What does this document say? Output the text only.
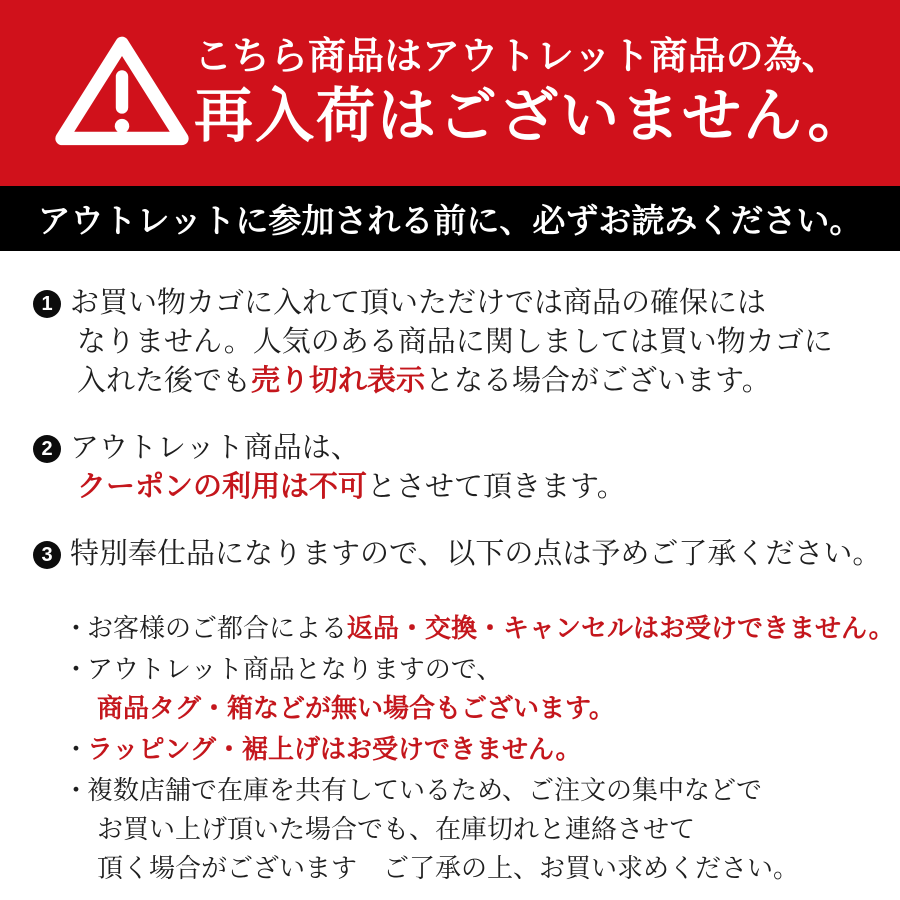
こちら商品はアウトレット商品の為、
再入荷はございません。
アウトレットに参加される前に、必ずお読みください。
1 お買い物カゴに入れて頂いただけでは商品の確保には
なりません。人気のある商品に関しましては買い物カゴに
入れた後でも売り切れ表示となる場合がございます。
2 アウトレット商品は、
クーポンの利用は不可とさせて頂きます。
3 特別奉仕品になりますので、以下の点は予めご了承ください。
・
お客様のご都合による返品・交換・キャンセルはお受けできません。
・
アウトレット商品となりますので、
商品タグ・箱などが無い場合もございます。
・
ラッピング・裾上げはお受けできません。
・
複数店舗で在庫を共有しているため、ご注文の集中などで
お買い上げ頂いた場合でも、在庫切れと連絡させて
頂く場合がございます　ご了承の上、お買い求めください。
